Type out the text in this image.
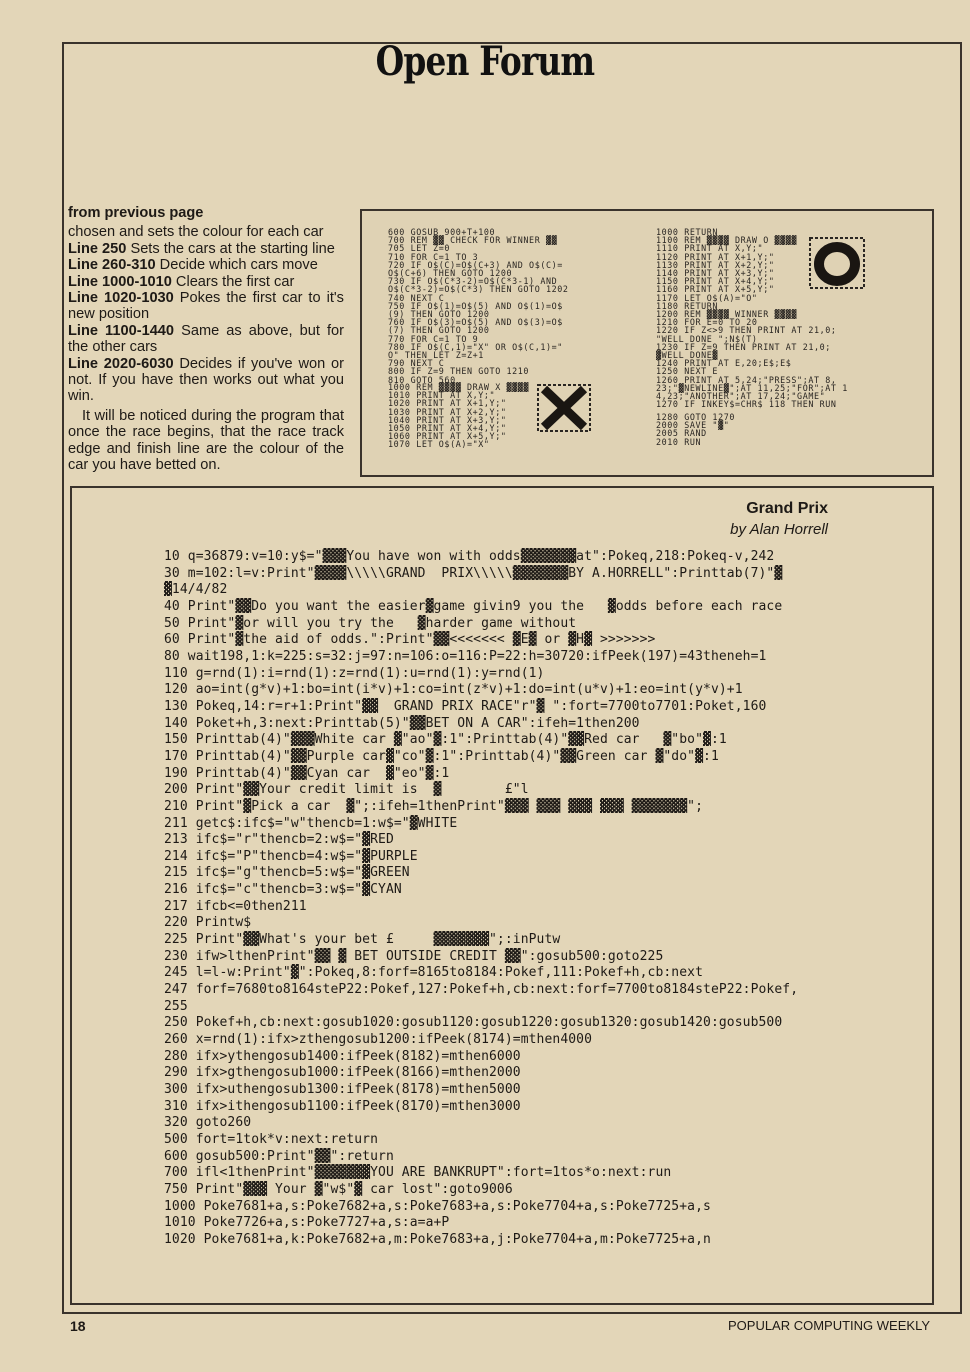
Open Forum
from previous page

chosen and sets the colour for each car
Line 250 Sets the cars at the starting line
Line 260-310 Decide which cars move
Line 1000-1010 Clears the first car
Line 1020-1030 Pokes the first car to it's new position
Line 1100-1440 Same as above, but for the other cars
Line 2020-6030 Decides if you've won or not. If you have then works out what you win.

It will be noticed during the program that once the race begins, that the race track edge and finish line are the colour of the car you have betted on.

600 GOSUB 900+T+100
700 REM ▓▓ CHECK FOR WINNER ▓▓
705 LET Z=0
710 FOR C=1 TO 3
720 IF O$(C)=O$(C+3) AND O$(C)=
O$(C+6) THEN GOTO 1200
730 IF O$(C*3-2)=O$(C*3-1) AND
O$(C*3-2)=O$(C*3) THEN GOTO 1202
740 NEXT C
750 IF O$(1)=O$(5) AND O$(1)=O$
(9) THEN GOTO 1200
760 IF O$(3)=O$(5) AND O$(3)=O$
(7) THEN GOTO 1200
770 FOR C=1 TO 9
780 IF O$(C,1)="X" OR O$(C,1)="
O" THEN LET Z=Z+1
790 NEXT C
800 IF Z=9 THEN GOTO 1210
810 GOTO 560
1000 RETURN
1100 REM ▓▓▓▓ DRAW O ▓▓▓▓
1110 PRINT AT X,Y;"
1120 PRINT AT X+1,Y;"
1130 PRINT AT X+2,Y;"
1140 PRINT AT X+3,Y;"
1150 PRINT AT X+4,Y;"
1160 PRINT AT X+5,Y;"
1170 LET O$(A)="O"
1180 RETURN
1200 REM ▓▓▓▓ WINNER ▓▓▓▓
1210 FOR E=0 TO 20
1220 IF Z<>9 THEN PRINT AT 21,0;
"WELL DONE ";N$(T)
1230 IF Z=9 THEN PRINT AT 21,0;
▓WELL DONE▓
1240 PRINT AT E,20;E$;E$
1250 NEXT E
1260 PRINT AT 5,24;"PRESS";AT 8,
23;"▓NEWLINE▓";AT 11,25;"FOR";AT 1
4,23;"ANOTHER";AT 17,24;"GAME"
1270 IF INKEY$=CHR$ 118 THEN RUN
1000 REM ▓▓▓▓ DRAW X ▓▓▓▓
1010 PRINT AT X,Y;"
1020 PRINT AT X+1,Y;"
1030 PRINT AT X+2,Y;"
1040 PRINT AT X+3,Y;"
1050 PRINT AT X+4,Y;"
1060 PRINT AT X+5,Y;"
1070 LET O$(A)="X"
1280 GOTO 1270
2000 SAVE "▓"
2005 RAND
2010 RUN
Grand Prix
by Alan Horrell
10 q=36879:v=10:y$="▓▓▓You have won with odds▓▓▓▓▓▓▓at":Pokeq,218:Pokeq-v,242
30 m=102:l=v:Print"▓▓▓▓\\\\\GRAND  PRIX\\\\\▓▓▓▓▓▓▓BY A.HORRELL":Printtab(7)"▓
▓14/4/82
40 Print"▓▓Do you want the easier▓game givin9 you the   ▓odds before each race
50 Print"▓or will you try the   ▓harder game without
60 Print"▓the aid of odds.":Print"▓▓<<<<<<< ▓E▓ or ▓H▓ >>>>>>>
80 wait198,1:k=225:s=32:j=97:n=106:o=116:P=22:h=30720:ifPeek(197)=43theneh=1
110 g=rnd(1):i=rnd(1):z=rnd(1):u=rnd(1):y=rnd(1)
120 ao=int(g*v)+1:bo=int(i*v)+1:co=int(z*v)+1:do=int(u*v)+1:eo=int(y*v)+1
130 Pokeq,14:r=r+1:Print"▓▓  GRAND PRIX RACE"r"▓ ":fort=7700to7701:Poket,160
140 Poket+h,3:next:Printtab(5)"▓▓BET ON A CAR":ifeh=1then200
150 Printtab(4)"▓▓▓White car ▓"ao"▓:1":Printtab(4)"▓▓Red car   ▓"bo"▓:1
170 Printtab(4)"▓▓Purple car▓"co"▓:1":Printtab(4)"▓▓Green car ▓"do"▓:1
190 Printtab(4)"▓▓Cyan car  ▓"eo"▓:1
200 Print"▓▓Your credit limit is  ▓        £"l
210 Print"▓Pick a car  ▓";:ifeh=1thenPrint"▓▓▓ ▓▓▓ ▓▓▓ ▓▓▓ ▓▓▓▓▓▓▓";
211 getc$:ifc$="w"thencb=1:w$="▓WHITE
213 ifc$="r"thencb=2:w$="▓RED
214 ifc$="P"thencb=4:w$="▓PURPLE
215 ifc$="g"thencb=5:w$="▓GREEN
216 ifc$="c"thencb=3:w$="▓CYAN
217 ifcb<=0then211
220 Printw$
225 Print"▓▓What's your bet £     ▓▓▓▓▓▓▓";:inPutw
230 ifw>lthenPrint"▓▓ ▓ BET OUTSIDE CREDIT ▓▓":gosub500:goto225
245 l=l-w:Print"▓":Pokeq,8:forf=8165to8184:Pokef,111:Pokef+h,cb:next
247 forf=7680to8164steP22:Pokef,127:Pokef+h,cb:next:forf=7700to8184steP22:Pokef,
255
250 Pokef+h,cb:next:gosub1020:gosub1120:gosub1220:gosub1320:gosub1420:gosub500
260 x=rnd(1):ifx>zthengosub1200:ifPeek(8174)=mthen4000
280 ifx>ythengosub1400:ifPeek(8182)=mthen6000
290 ifx>gthengosub1000:ifPeek(8166)=mthen2000
300 ifx>uthengosub1300:ifPeek(8178)=mthen5000
310 ifx>ithengosub1100:ifPeek(8170)=mthen3000
320 goto260
500 fort=1tok*v:next:return
600 gosub500:Print"▓▓":return
700 ifl<1thenPrint"▓▓▓▓▓▓▓YOU ARE BANKRUPT":fort=1tos*o:next:run
750 Print"▓▓▓ Your ▓"w$"▓ car lost":goto9006
1000 Poke7681+a,s:Poke7682+a,s:Poke7683+a,s:Poke7704+a,s:Poke7725+a,s
1010 Poke7726+a,s:Poke7727+a,s:a=a+P
1020 Poke7681+a,k:Poke7682+a,m:Poke7683+a,j:Poke7704+a,m:Poke7725+a,n
18	POPULAR COMPUTING WEEKLY
